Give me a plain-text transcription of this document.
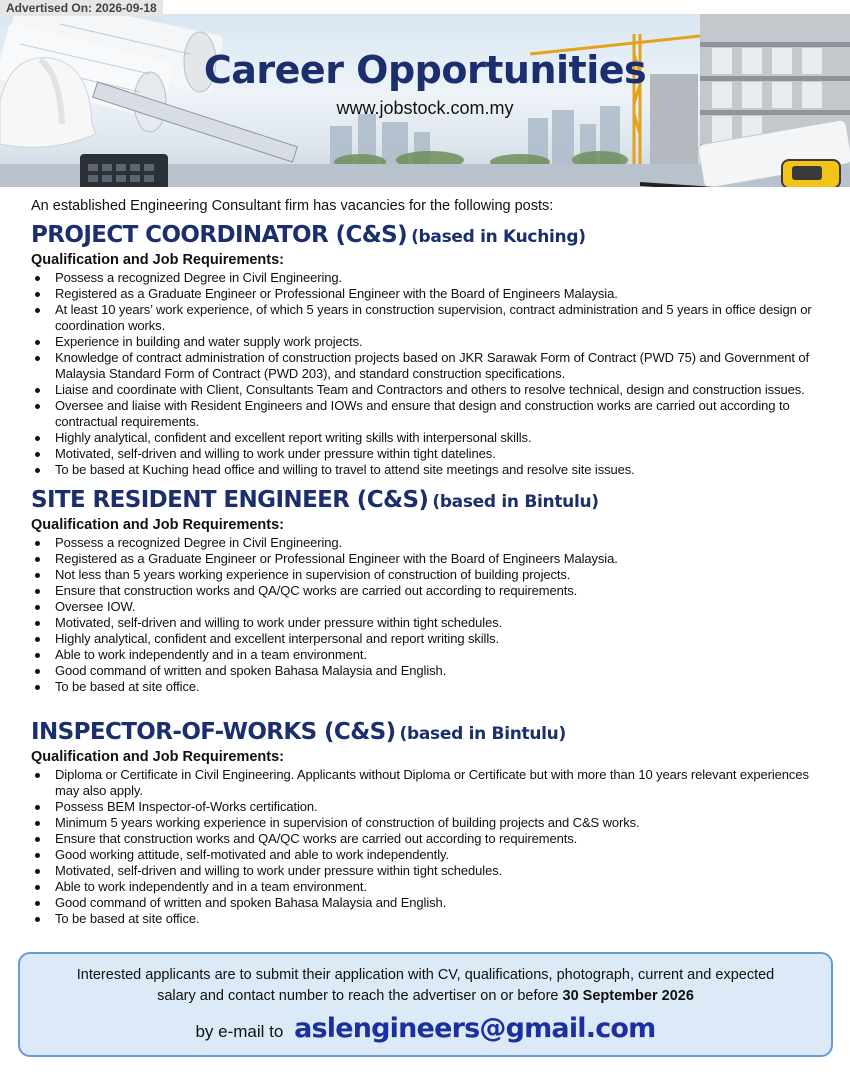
Advertised On: 2026-09-18
Career Opportunities
www.jobstock.com.my
An established Engineering Consultant firm has vacancies for the following posts:
PROJECT COORDINATOR (C&S) (based in Kuching)
Qualification and Job Requirements:
Possess a recognized Degree in Civil Engineering.
Registered as a Graduate Engineer or Professional Engineer with the Board of Engineers Malaysia.
At least 10 years’ work experience, of which 5 years in construction supervision, contract administration and 5 years in office design or coordination works.
Experience in building and water supply work projects.
Knowledge of contract administration of construction projects based on JKR Sarawak Form of Contract (PWD 75) and Government of Malaysia Standard Form of Contract (PWD 203), and standard construction specifications.
Liaise and coordinate with Client, Consultants Team and Contractors and others to resolve technical, design and construction issues.
Oversee and liaise with Resident Engineers and IOWs and ensure that design and construction works are carried out according to contractual requirements.
Highly analytical, confident and excellent report writing skills with interpersonal skills.
Motivated, self-driven and willing to work under pressure within tight datelines.
To be based at Kuching head office and willing to travel to attend site meetings and resolve site issues.
SITE RESIDENT ENGINEER (C&S) (based in Bintulu)
Qualification and Job Requirements:
Possess a recognized Degree in Civil Engineering.
Registered as a Graduate Engineer or Professional Engineer with the Board of Engineers Malaysia.
Not less than 5 years working experience in supervision of construction of building projects.
Ensure that construction works and QA/QC works are carried out according to requirements.
Oversee IOW.
Motivated, self-driven and willing to work under pressure within tight schedules.
Highly analytical, confident and excellent interpersonal and report writing skills.
Able to work independently and in a team environment.
Good command of written and spoken Bahasa Malaysia and English.
To be based at site office.
INSPECTOR-OF-WORKS (C&S) (based in Bintulu)
Qualification and Job Requirements:
Diploma or Certificate in Civil Engineering. Applicants without Diploma or Certificate but with more than 10 years relevant experiences may also apply.
Possess BEM Inspector-of-Works certification.
Minimum 5 years working experience in supervision of construction of building projects and C&S works.
Ensure that construction works and QA/QC works are carried out according to requirements.
Good working attitude, self-motivated and able to work independently.
Motivated, self-driven and willing to work under pressure within tight schedules.
Able to work independently and in a team environment.
Good command of written and spoken Bahasa Malaysia and English.
To be based at site office.
Interested applicants are to submit their application with CV, qualifications, photograph, current and expected
salary and contact number to reach the advertiser on or before 30 September 2026
by e-mail to aslengineers@gmail.com
